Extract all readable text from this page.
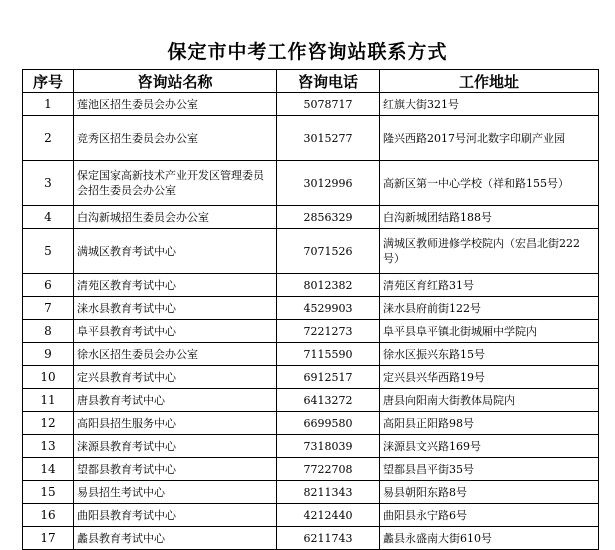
保定市中考工作咨询站联系方式
序号	咨询站名称	咨询电话	工作地址
1	莲池区招生委员会办公室	5078717	红旗大街321号
2	竞秀区招生委员会办公室	3015277	隆兴西路2017号河北数字印刷产业园
3	保定国家高新技术产业开发区管理委员会招生委员会办公室	3012996	高新区第一中心学校（祥和路155号）
4	白沟新城招生委员会办公室	2856329	白沟新城团结路188号
5	满城区教育考试中心	7071526	满城区教师进修学校院内（宏昌北街222号）
6	清苑区教育考试中心	8012382	清苑区育红路31号
7	涞水县教育考试中心	4529903	涞水县府前街122号
8	阜平县教育考试中心	7221273	阜平县阜平镇北街城厢中学院内
9	徐水区招生委员会办公室	7115590	徐水区振兴东路15号
10	定兴县教育考试中心	6912517	定兴县兴华西路19号
11	唐县教育考试中心	6413272	唐县向阳南大街教体局院内
12	高阳县招生服务中心	6699580	高阳县正阳路98号
13	涞源县教育考试中心	7318039	涞源县文兴路169号
14	望都县教育考试中心	7722708	望都县昌平街35号
15	易县招生考试中心	8211343	易县朝阳东路8号
16	曲阳县教育考试中心	4212440	曲阳县永宁路6号
17	蠡县教育考试中心	6211743	蠡县永盛南大街610号
